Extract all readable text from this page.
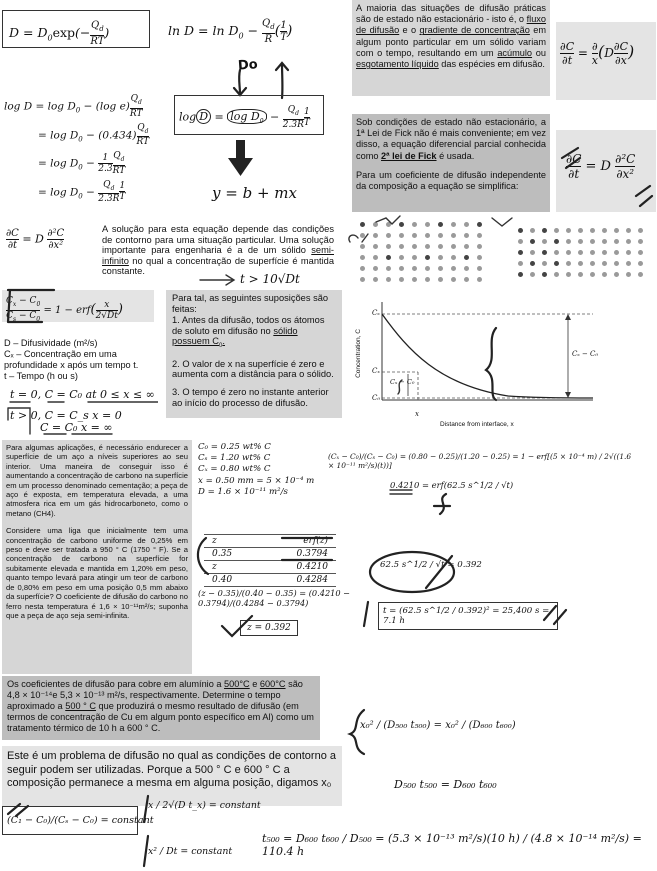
$D = D_0\exp(- \frac{Q_d}{RT}$ )	$\ln D = \ln D_0 - \frac{Q_d}{R}$ ( $\frac{1}{T}$ )
Do
$\log D = \log D_0 - (\log$ $e) \frac{Q_d}{RT}$
= $\log D_0 - (0.434) \frac{Q_d}{RT}$
= $\log D_0 - \frac{1}{2.3} \frac{Q_d}{RT}$
= $\log D_0 - \frac{Q_d}{2.3R} \frac{1}{T}$
$\log D = \log D_0 - \frac{Q_d}{2.3R} \frac{1}{T}$
y = b + mx
$\frac{\partial C}{\partial t} = D \frac{\text{∂²C}}{\text{∂x²}}$	A solução para esta equação depende das condições de contorno para uma situação particular. Uma solução importante para engenharia é a de um sólido semi-infinito no qual a concentração de superfície é mantida constante.
t > 10√Dt
$\frac{C_x - C_0}{C_s - C_0} = 1 - erf( \frac{x}{2√Dt}$ )
D – Difusividade (m²/s)
Cₓ – Concentração em uma profundidade x após um tempo t.
t – Tempo (h ou s)
t = 0, C = C₀ at 0 ≤ x ≤ ∞
t > 0, C = C_s x = 0
C = C₀ x = ∞
Para tal, as seguintes suposições são feitas:
1. Antes da difusão, todos os átomos de soluto em difusão no sólido possuem $C_0$.
2. O valor de x na superfície é zero e aumenta com a distância para o sólido.
3. O tempo é zero no instante anterior ao início do processo de difusão.
A maioria das situações de difusão práticas são de estado não estacionário - isto é, o fluxo de difusão e o gradiente de concentração em algum ponto particular em um sólido variam com o tempo, resultando em um acúmulo ou esgotamento líquido das espécies em difusão.	$\frac{\partial C}{\partial t}$ = ∂
x ($D \frac{\partial C}{\partial x}$ )
Sob condições de estado não estacionário, a 1ª Lei de Fick não é mais conveniente; em vez disso, a equação diferencial parcial conhecida como 2ª lei de Fick é usada.
Para um coeficiente de difusão independente da composição a equação se simplifica:
$\frac{\partial C}{\partial t} = D \frac{\text{∂²C}}{\text{∂x²}}$
Cₛ
Cₓ
C₀
Cₓ − C₀
Cₛ − C₀
x
Concentration, C
Distance from interface, x
Para algumas aplicações, é necessário endurecer a superfície de um aço a níveis superiores ao seu interior. Uma maneira de conseguir isso é aumentando a concentração de carbono na superfície em um processo denominado cementação; a peça de aço é exposta, em temperatura elevada, a uma atmosfera rica em um gás hidrocarboneto, como o metano (CH4).
Considere uma liga que inicialmente tem uma concentração de carbono uniforme de 0,25% em peso e deve ser tratada a 950 ° C (1750 ° F). Se a concentração de carbono na superfície for subitamente elevada e mantida em 1,20% em peso, quanto tempo levará para atingir um teor de carbono de 0,80% em peso em uma posição 0,5 mm abaixo da superfície? O coeficiente de difusão do carbono no ferro nesta temperatura é 1,6 × 10⁻¹¹m²/s; suponha que a peça de aço seja semi-infinita.
C₀ = 0.25 wt% C
Cₛ = 1.20 wt% C
Cₓ = 0.80 wt% C
x = 0.50 mm = 5 × 10⁻⁴ m
D = 1.6 × 10⁻¹¹ m²/s
(Cₓ − C₀)/(Cₛ − C₀) = (0.80 − 0.25)/(1.20 − 0.25) = 1 − erf[(5 × 10⁻⁴ m) / 2√((1.6 × 10⁻¹¹ m²/s)(t))]
0.4210 = erf(62.5 s^1/2 / √t)
z	erf(z)
0.35	0.3794
z	0.4210
0.40	0.4284
(z − 0.35)/(0.40 − 0.35) = (0.4210 − 0.3794)/(0.4284 − 0.3794)
z = 0.392
62.5 s^1/2 / √t = 0.392
t = (62.5 s^1/2 / 0.392)² = 25,400 s = 7.1 h
Os coeficientes de difusão para cobre em alumínio a 500°C e 600°C são 4,8 × 10⁻¹⁴e 5,3 × 10⁻¹³ m²/s, respectivamente. Determine o tempo aproximado a 500 ° C que produzirá o mesmo resultado de difusão (em termos de concentração de Cu em algum ponto específico em Al) como um tratamento térmico de 10 h a 600 ° C.
Este é um problema de difusão no qual as condições de contorno a seguir podem ser utilizadas. Porque a 500 ° C e 600 ° C a composição permanece a mesma em alguma posição, digamos x₀
x₀² / (D₅₀₀ t₅₀₀) = x₀² / (D₆₀₀ t₆₀₀)
D₅₀₀ t₅₀₀ = D₆₀₀ t₆₀₀
(C₁ − C₀)/(Cₛ − C₀) = constant
x / 2√(D t_x) = constant
x² / Dt = constant
t₅₀₀ = D₆₀₀ t₆₀₀ / D₅₀₀ = (5.3 × 10⁻¹³ m²/s)(10 h) / (4.8 × 10⁻¹⁴ m²/s) = 110.4 h
